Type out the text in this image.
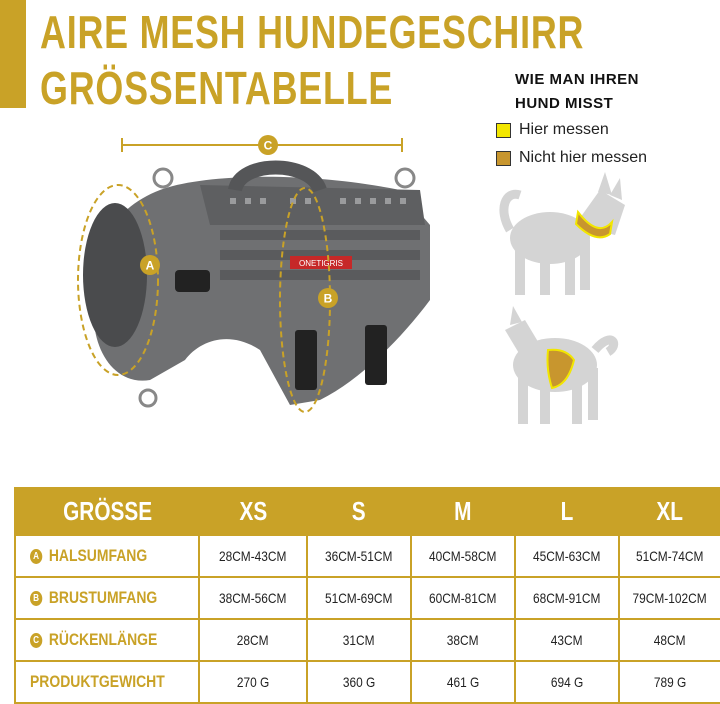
AIRE MESH HUNDEGESCHIRR
GRÖSSENTABELLE
ONETIGRIS
A
B
C
WIE MAN IHREN
HUND MISST
Hier messen
Nicht hier messen
GRÖSSE	XS	S	M	L	XL
A HALSUMFANG	28CM-43CM	36CM-51CM	40CM-58CM	45CM-63CM	51CM-74CM
B BRUSTUMFANG	38CM-56CM	51CM-69CM	60CM-81CM	68CM-91CM	79CM-102CM
C RÜCKENLÄNGE	28CM	31CM	38CM	43CM	48CM
PRODUKTGEWICHT	270 G	360 G	461 G	694 G	789 G
